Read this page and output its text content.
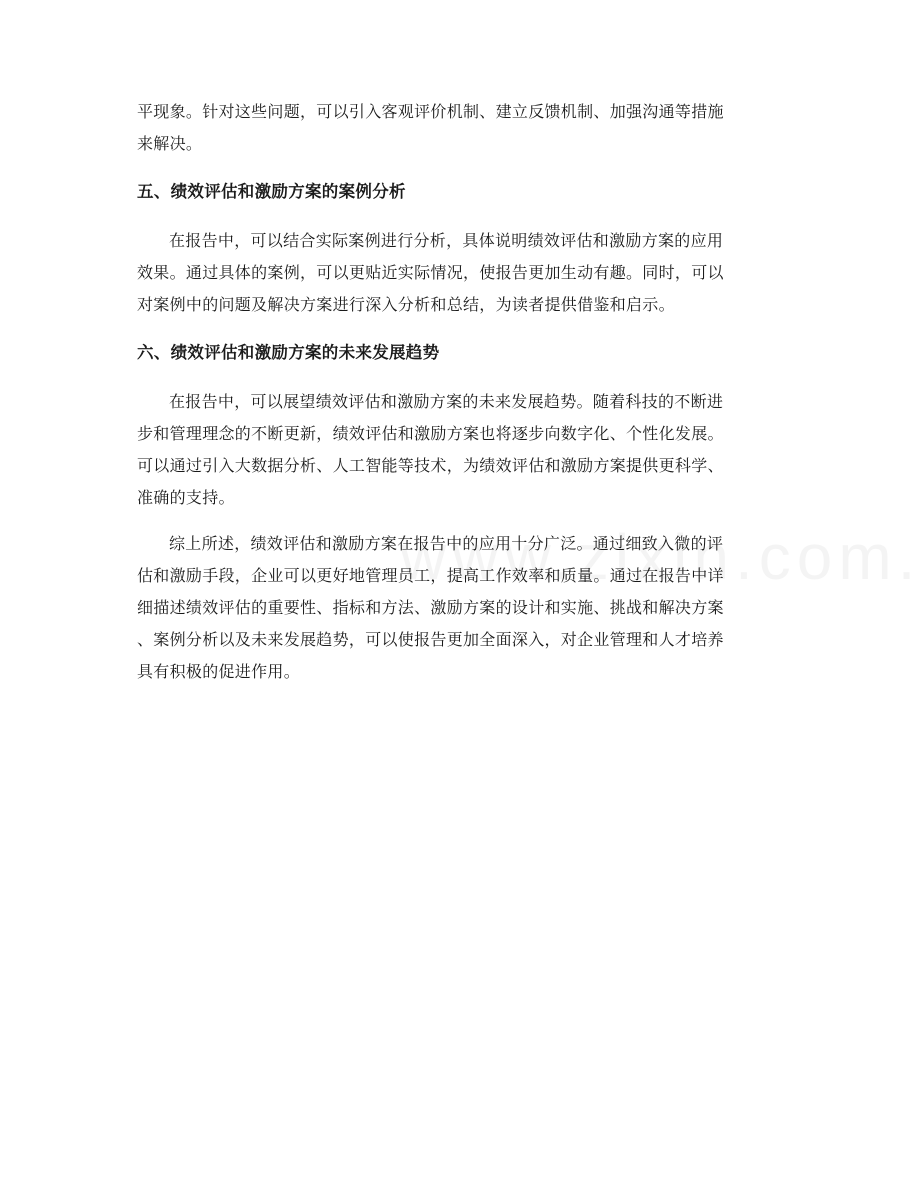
平现象。针对这些问题，可以引入客观评价机制、建立反馈机制、加强沟通等措施
来解决。

五、绩效评估和激励方案的案例分析

在报告中，可以结合实际案例进行分析，具体说明绩效评估和激励方案的应用
效果。通过具体的案例，可以更贴近实际情况，使报告更加生动有趣。同时，可以
对案例中的问题及解决方案进行深入分析和总结，为读者提供借鉴和启示。

六、绩效评估和激励方案的未来发展趋势

在报告中，可以展望绩效评估和激励方案的未来发展趋势。随着科技的不断进
步和管理理念的不断更新，绩效评估和激励方案也将逐步向数字化、个性化发展。
可以通过引入大数据分析、人工智能等技术，为绩效评估和激励方案提供更科学、
准确的支持。

综上所述，绩效评估和激励方案在报告中的应用十分广泛。通过细致入微的评
估和激励手段，企业可以更好地管理员工，提高工作效率和质量。通过在报告中详
细描述绩效评估的重要性、指标和方法、激励方案的设计和实施、挑战和解决方案
、案例分析以及未来发展趋势，可以使报告更加全面深入，对企业管理和人才培养
具有积极的促进作用。
